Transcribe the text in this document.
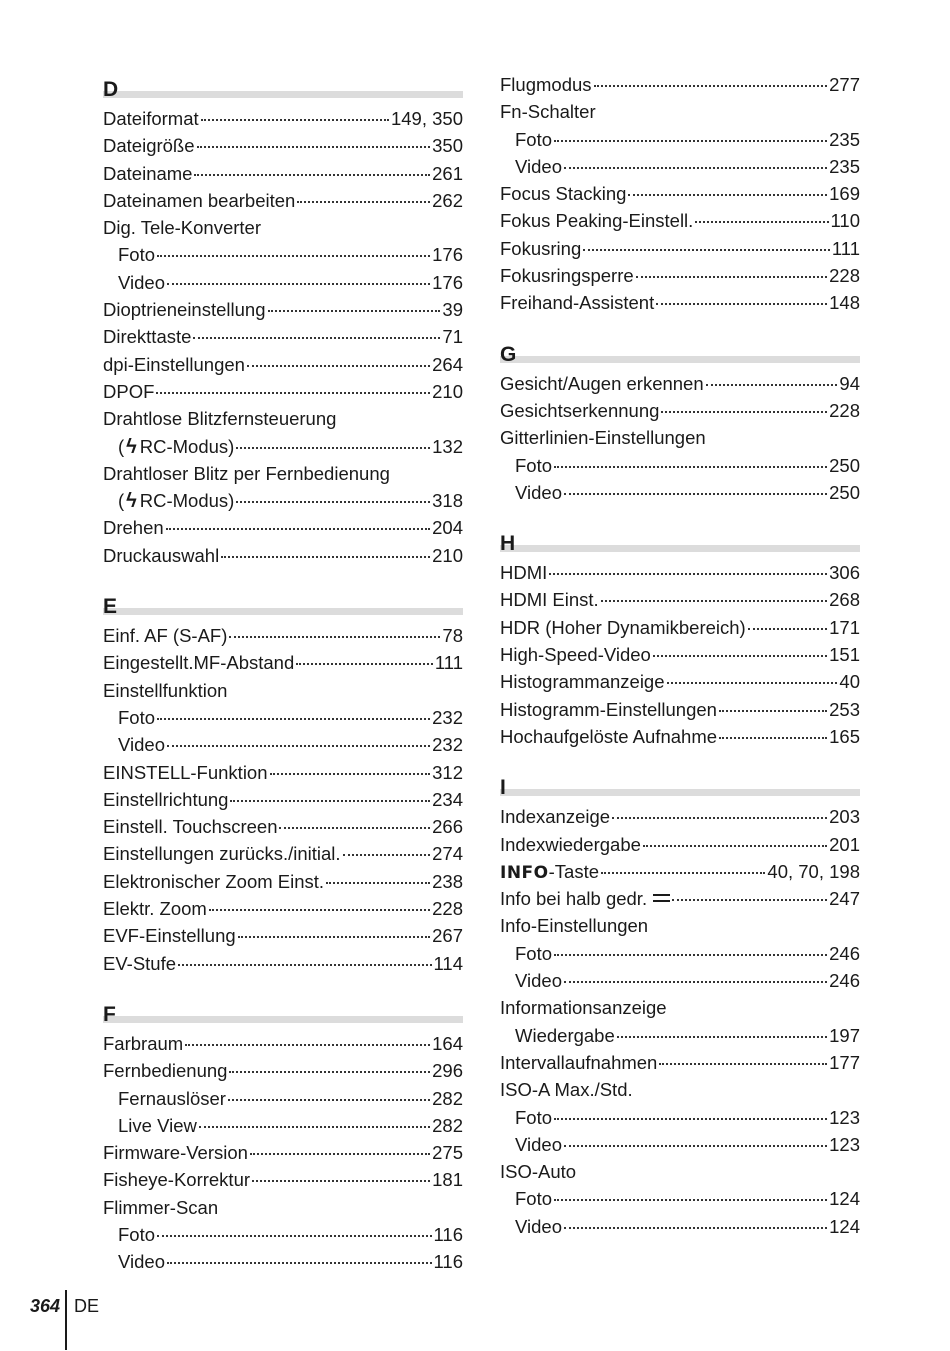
D
Dateiformat	149, 350
Dateigröße	350
Dateiname	261
Dateinamen bearbeiten	262
Dig. Tele-Konverter
Foto	176
Video	176
Dioptrieneinstellung	39
Direkttaste	71
dpi-Einstellungen	264
DPOF	210
Drahtlose Blitzfernsteuerung
( ϟ RC-Modus)	132
Drahtloser Blitz per Fernbedienung
( ϟ RC-Modus)	318
Drehen	204
Druckauswahl	210
E
Einf. AF (S-AF)	78
Eingestellt.MF-Abstand	111
Einstellfunktion
Foto	232
Video	232
EINSTELL-Funktion	312
Einstellrichtung	234
Einstell. Touchscreen	266
Einstellungen zurücks./initial.	274
Elektronischer Zoom Einst.	238
Elektr. Zoom	228
EVF-Einstellung	267
EV-Stufe	114
F
Farbraum	164
Fernbedienung	296
Fernauslöser	282
Live View	282
Firmware-Version	275
Fisheye-Korrektur	181
Flimmer-Scan
Foto	116
Video	116
Flugmodus	277
Fn-Schalter
Foto	235
Video	235
Focus Stacking	169
Fokus Peaking-Einstell.	110
Fokusring	111
Fokusringsperre	228
Freihand-Assistent	148
G
Gesicht/Augen erkennen	94
Gesichtserkennung	228
Gitterlinien-Einstellungen
Foto	250
Video	250
H
HDMI	306
HDMI Einst.	268
HDR (Hoher Dynamikbereich)	171
High-Speed-Video	151
Histogrammanzeige	40
Histogramm-Einstellungen	253
Hochaufgelöste Aufnahme	165
I
Indexanzeige	203
Indexwiedergabe	201
INFO-Taste	40, 70, 198
Info bei halb gedr.	247
Info-Einstellungen
Foto	246
Video	246
Informationsanzeige
Wiedergabe	197
Intervallaufnahmen	177
ISO-A Max./Std.
Foto	123
Video	123
ISO-Auto
Foto	124
Video	124
364 DE
